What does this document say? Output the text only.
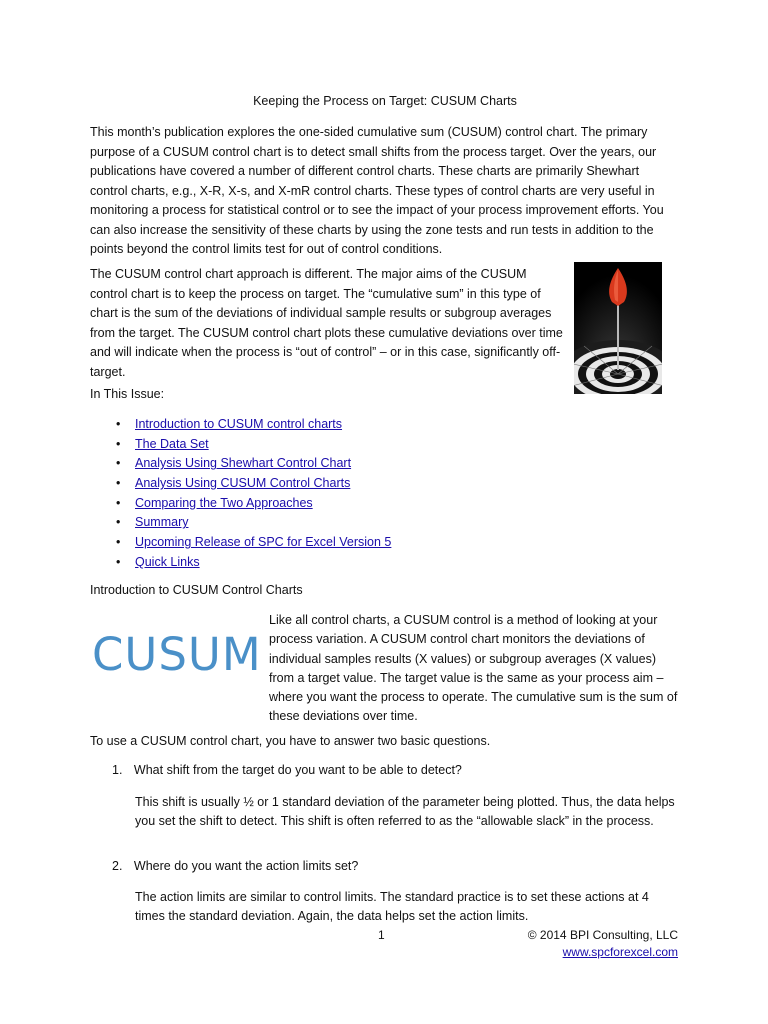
Keeping the Process on Target: CUSUM Charts
This month’s publication explores the one-sided cumulative sum (CUSUM) control chart. The primary purpose of a CUSUM control chart is to detect small shifts from the process target. Over the years, our publications have covered a number of different control charts. These charts are primarily Shewhart control charts, e.g., X-R, X-s, and X-mR control charts. These types of control charts are very useful in monitoring a process for statistical control or to see the impact of your process improvement efforts. You can also increase the sensitivity of these charts by using the zone tests and run tests in addition to the points beyond the control limits test for out of control conditions.
The CUSUM control chart approach is different. The major aims of the CUSUM control chart is to keep the process on target. The “cumulative sum” in this type of chart is the sum of the deviations of individual sample results or subgroup averages from the target. The CUSUM control chart plots these cumulative deviations over time and will indicate when the process is “out of control” – or in this case, significantly off-target.
In This Issue:
• Introduction to CUSUM control charts
• The Data Set
• Analysis Using Shewhart Control Chart
• Analysis Using CUSUM Control Charts
• Comparing the Two Approaches
• Summary
• Upcoming Release of SPC for Excel Version 5
• Quick Links
Introduction to CUSUM Control Charts
CUSUM
Like all control charts, a CUSUM control is a method of looking at your process variation. A CUSUM control chart monitors the deviations of individual samples results (X values) or subgroup averages (X values) from a target value. The target value is the same as your process aim – where you want the process to operate. The cumulative sum is the sum of these deviations over time.
To use a CUSUM control chart, you have to answer two basic questions.
1. What shift from the target do you want to be able to detect?
This shift is usually ½ or 1 standard deviation of the parameter being plotted. Thus, the data helps you set the shift to detect. This shift is often referred to as the “allowable slack” in the process.
2. Where do you want the action limits set?
The action limits are similar to control limits. The standard practice is to set these actions at 4 times the standard deviation. Again, the data helps set the action limits.
1	© 2014 BPI Consulting, LLC
www.spcforexcel.com
